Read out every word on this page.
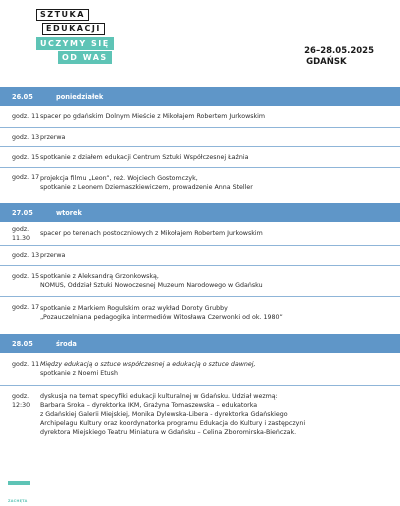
SZTUKA
EDUKACJI
UCZYMY SIĘ
OD WAS
26–28.05.2025
GDAŃSK
26.05	poniedziałek
godz. 11 spacer po gdańskim Dolnym Mieście z Mikołajem Robertem Jurkowskim
godz. 13 przerwa
godz. 15 spotkanie z działem edukacji Centrum Sztuki Współczesnej Łaźnia
godz. 17 projekcja filmu „Leon”, reż. Wojciech Gostomczyk,
spotkanie z Leonem Dziemaszkiewiczem, prowadzenie Anna Steller
27.05	wtorek
godz. 11.30
spacer po terenach postoczniowych z Mikołajem Robertem Jurkowskim
godz. 13 przerwa
godz. 15 spotkanie z Aleksandrą Grzonkowską,
NOMUS, Oddział Sztuki Nowoczesnej Muzeum Narodowego w Gdańsku
godz. 17 spotkanie z Markiem Rogulskim oraz wykład Doroty Grubby
„Pozauczelniana pedagogika intermediów Witosława Czerwonki od ok. 1980”
28.05	środa
godz. 11 Między edukacją o sztuce współczesnej a edukacją o sztuce dawnej,
spotkanie z Noemi Etush
godz. 12:30
dyskusja na temat specyfiki edukacji kulturalnej w Gdańsku. Udział wezmą:
Barbara Sroka – dyrektorka IKM, Grażyna Tomaszewska – edukatorka
z Gdańskiej Galerii Miejskiej, Monika Dylewska-Libera - dyrektorka Gdańskiego
Archipelagu Kultury oraz koordynatorka programu Edukacja do Kultury i zastępczyni
dyrektora Miejskiego Teatru Miniatura w Gdańsku – Celina Zboromirska-Bieńczak.
ZACHĘTA
